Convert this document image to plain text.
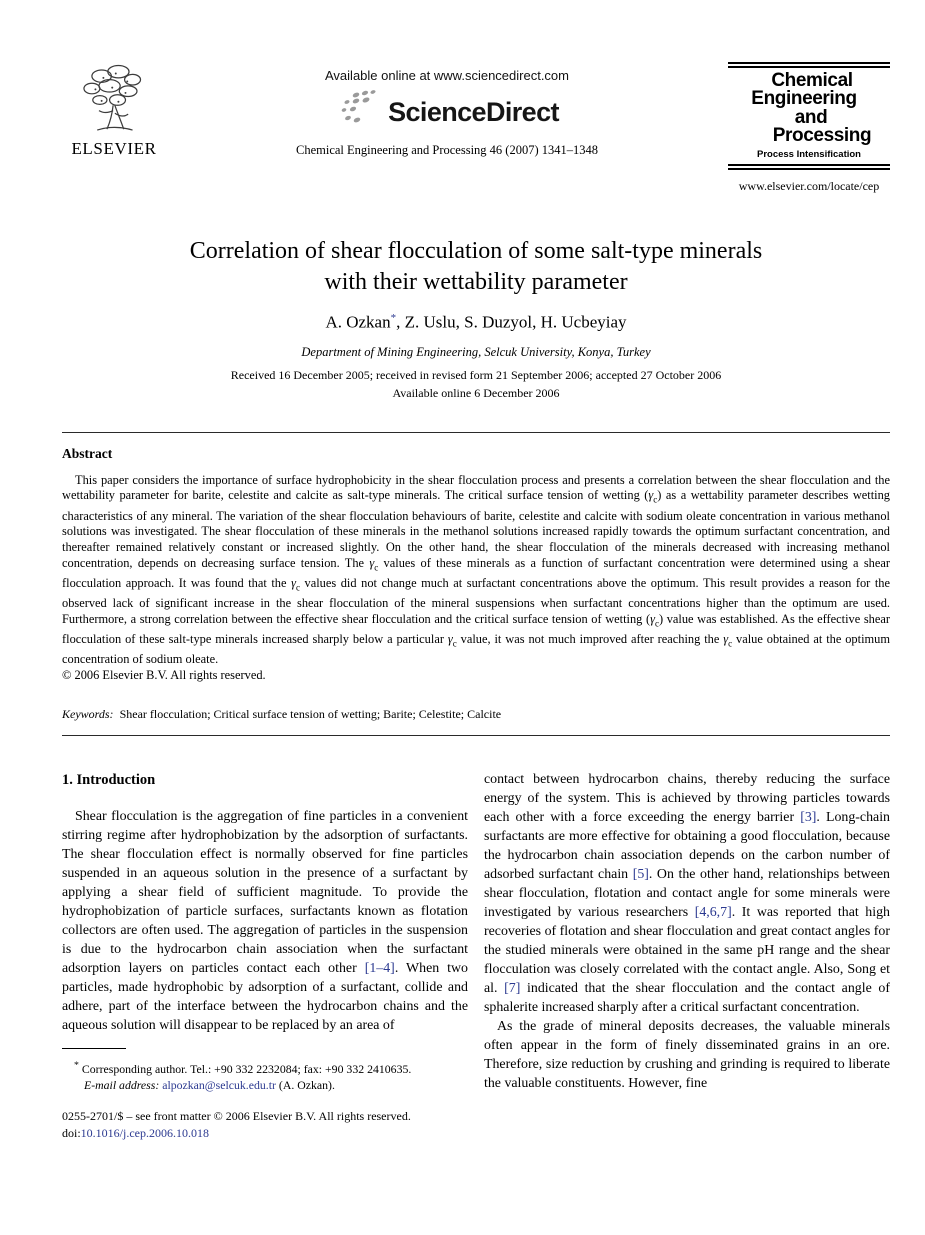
ELSEVIER
Available online at www.sciencedirect.com
ScienceDirect
Chemical Engineering and Processing 46 (2007) 1341–1348
Chemical
Engineering
and
Processing
Process Intensification
www.elsevier.com/locate/cep
Correlation of shear flocculation of some salt-type minerals
with their wettability parameter
A. Ozkan*, Z. Uslu, S. Duzyol, H. Ucbeyiay
Department of Mining Engineering, Selcuk University, Konya, Turkey
Received 16 December 2005; received in revised form 21 September 2006; accepted 27 October 2006
Available online 6 December 2006
Abstract

This paper considers the importance of surface hydrophobicity in the shear flocculation process and presents a correlation between the shear flocculation and the wettability parameter for barite, celestite and calcite as salt-type minerals. The critical surface tension of wetting $(\gamma_c)$ as a wettability parameter describes wetting characteristics of any mineral. The variation of the shear flocculation behaviours of barite, celestite and calcite with sodium oleate concentration in various methanol solutions was investigated. The shear flocculation of these minerals in the methanol solutions increased rapidly towards the optimum surfactant concentration, and thereafter remained relatively constant or increased slightly. On the other hand, the shear flocculation of the minerals decreased with increasing methanol concentration, depends on decreasing surface tension. The $\gamma_c$ values of these minerals as a function of surfactant concentration were determined using a shear flocculation approach. It was found that the $\gamma_c$ values did not change much at surfactant concentrations above the optimum. This result provides a reason for the observed lack of significant increase in the shear flocculation of the mineral suspensions when surfactant concentrations higher than the optimum are used. Furthermore, a strong correlation between the effective shear flocculation and the critical surface tension of wetting $(\gamma_c)$ value was established. As the effective shear flocculation of these salt-type minerals increased sharply below a particular $\gamma_c$ value, it was not much improved after reaching the $\gamma_c$ value obtained at the optimum concentration of sodium oleate.

© 2006 Elsevier B.V. All rights reserved.

Keywords: Shear flocculation; Critical surface tension of wetting; Barite; Celestite; Calcite

1. Introduction

Shear flocculation is the aggregation of fine particles in a convenient stirring regime after hydrophobization by the adsorption of surfactants. The shear flocculation effect is normally observed for fine particles suspended in an aqueous solution in the presence of a surfactant by applying a shear field of sufficient magnitude. To provide the hydrophobization of particle surfaces, surfactants known as flotation collectors are often used. The aggregation of particles in the suspension is due to the hydrocarbon chain association when the surfactant adsorption layers on particles contact each other [1–4]. When two particles, made hydrophobic by adsorption of a surfactant, collide and adhere, part of the interface between the hydrocarbon chains and the aqueous solution will disappear to be replaced by an area of

* Corresponding author. Tel.: +90 332 2232084; fax: +90 332 2410635.

E-mail address: alpozkan@selcuk.edu.tr (A. Ozkan).

contact between hydrocarbon chains, thereby reducing the surface energy of the system. This is achieved by throwing particles towards each other with a force exceeding the energy barrier [3]. Long-chain surfactants are more effective for obtaining a good flocculation, because the hydrocarbon chain association depends on the carbon number of adsorbed surfactant chain [5]. On the other hand, relationships between shear flocculation, flotation and contact angle for some minerals were investigated by various researchers [4,6,7]. It was reported that high recoveries of flotation and shear flocculation and great contact angles for the studied minerals were obtained in the same pH range and the shear flocculation was closely correlated with the contact angle. Also, Song et al. [7] indicated that the shear flocculation and the contact angle of sphalerite increased sharply after a critical surfactant concentration.

As the grade of mineral deposits decreases, the valuable minerals often appear in the form of finely disseminated grains in an ore. Therefore, size reduction by crushing and grinding is required to liberate the valuable constituents. However, fine

0255-2701/$ – see front matter © 2006 Elsevier B.V. All rights reserved.

doi:10.1016/j.cep.2006.10.018
